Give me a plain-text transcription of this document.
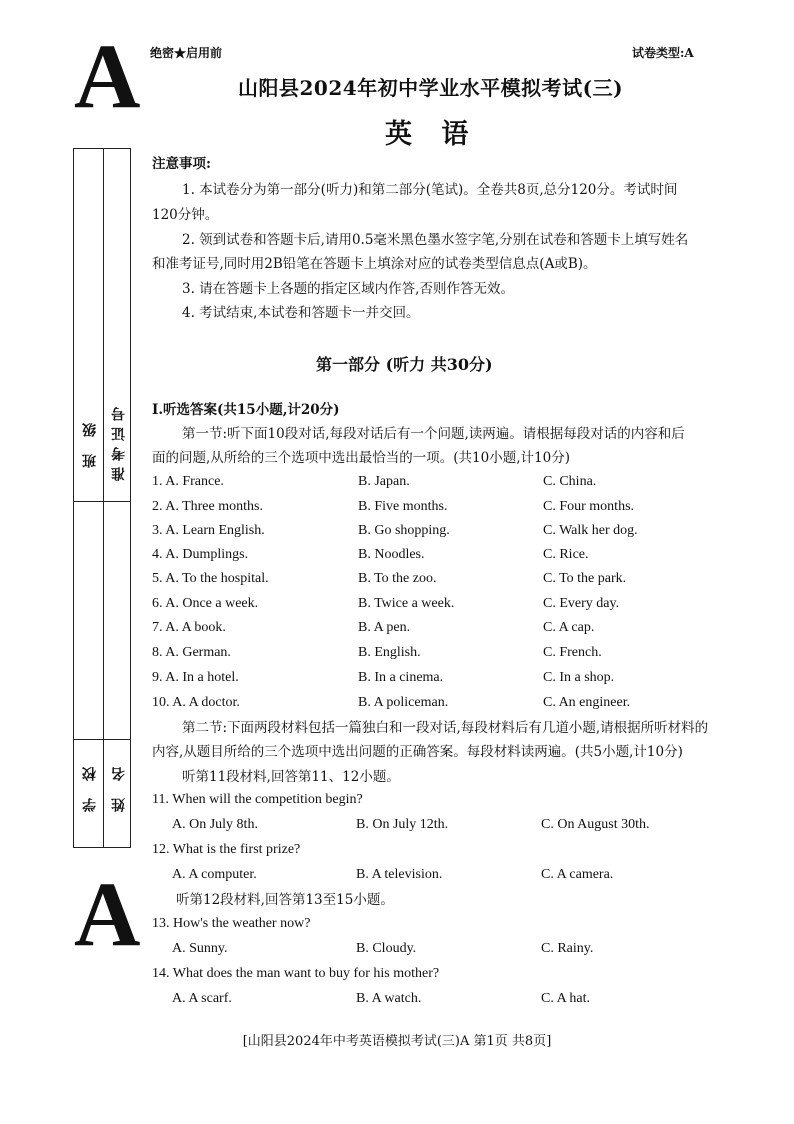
A
A
绝密★启用前	试卷类型:A
山阳县2024年初中学业水平模拟考试(三)
英 语
班 级 准考证号
学 校 姓 名
注意事项:
1. 本试卷分为第一部分(听力)和第二部分(笔试)。全卷共8页,总分120分。考试时间
120分钟。
2. 领到试卷和答题卡后,请用0.5毫米黑色墨水签字笔,分别在试卷和答题卡上填写姓名
和准考证号,同时用2B铅笔在答题卡上填涂对应的试卷类型信息点(A或B)。
3. 请在答题卡上各题的指定区域内作答,否则作答无效。
4. 考试结束,本试卷和答题卡一并交回。
第一部分 (听力 共30分)
Ⅰ.听选答案(共15小题,计20分)
第一节:听下面10段对话,每段对话后有一个问题,读两遍。请根据每段对话的内容和后
面的问题,从所给的三个选项中选出最恰当的一项。(共10小题,计10分)
1. A. France.	B. Japan.	C. China.
2. A. Three months.	B. Five months.	C. Four months.
3. A. Learn English.	B. Go shopping.	C. Walk her dog.
4. A. Dumplings.	B. Noodles.	C. Rice.
5. A. To the hospital.	B. To the zoo.	C. To the park.
6. A. Once a week.	B. Twice a week.	C. Every day.
7. A. A book.	B. A pen.	C. A cap.
8. A. German.	B. English.	C. French.
9. A. In a hotel.	B. In a cinema.	C. In a shop.
10. A. A doctor.	B. A policeman.	C. An engineer.
第二节:下面两段材料包括一篇独白和一段对话,每段材料后有几道小题,请根据所听材料的
内容,从题目所给的三个选项中选出问题的正确答案。每段材料读两遍。(共5小题,计10分)
听第11段材料,回答第11、12小题。
11. When will the competition begin?
A. On July 8th.	B. On July 12th.	C. On August 30th.
12. What is the first prize?
A. A computer.	B. A television.	C. A camera.
听第12段材料,回答第13至15小题。
13. How's the weather now?
A. Sunny.	B. Cloudy.	C. Rainy.
14. What does the man want to buy for his mother?
A. A scarf.	B. A watch.	C. A hat.
[山阳县2024年中考英语模拟考试(三)A 第1页 共8页]
